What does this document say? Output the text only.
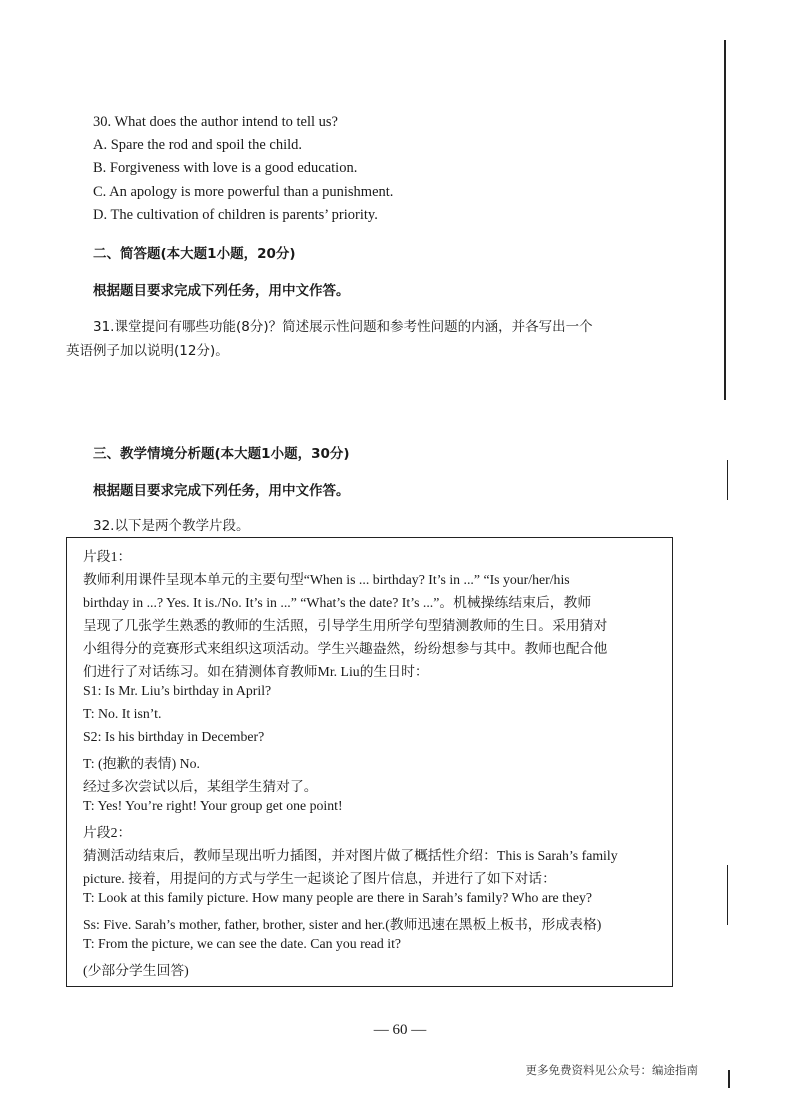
30. What does the author intend to tell us?
A. Spare the rod and spoil the child.
B. Forgiveness with love is a good education.
C. An apology is more powerful than a punishment.
D. The cultivation of children is parents’ priority.
二、简答题(本大题1小题，20分)
根据题目要求完成下列任务，用中文作答。
31.课堂提问有哪些功能(8分)？简述展示性问题和参考性问题的内涵，并各写出一个
英语例子加以说明(12分)。
三、教学情境分析题(本大题1小题，30分)
根据题目要求完成下列任务，用中文作答。
32.以下是两个教学片段。
片段1：
教师利用课件呈现本单元的主要句型“When is ... birthday? It’s in ...” “Is your/her/his
birthday in ...? Yes. It is./No. It’s in ...” “What’s the date? It’s ...”。机械操练结束后，教师
呈现了几张学生熟悉的教师的生活照，引导学生用所学句型猜测教师的生日。采用猜对
小组得分的竞赛形式来组织这项活动。学生兴趣盎然，纷纷想参与其中。教师也配合他
们进行了对话练习。如在猜测体育教师Mr. Liu的生日时：
S1: Is Mr. Liu’s birthday in April?
T: No. It isn’t.
S2: Is his birthday in December?
T: (抱歉的表情) No.
经过多次尝试以后，某组学生猜对了。
T: Yes! You’re right! Your group get one point!
片段2：
猜测活动结束后，教师呈现出听力插图，并对图片做了概括性介绍：This is Sarah’s family
picture. 接着，用提问的方式与学生一起谈论了图片信息，并进行了如下对话：
T: Look at this family picture. How many people are there in Sarah’s family? Who are they?
Ss: Five. Sarah’s mother, father, brother, sister and her.(教师迅速在黑板上板书，形成表格)
T: From the picture, we can see the date. Can you read it?
(少部分学生回答)
— 60 —
更多免费资料见公众号：编途指南
